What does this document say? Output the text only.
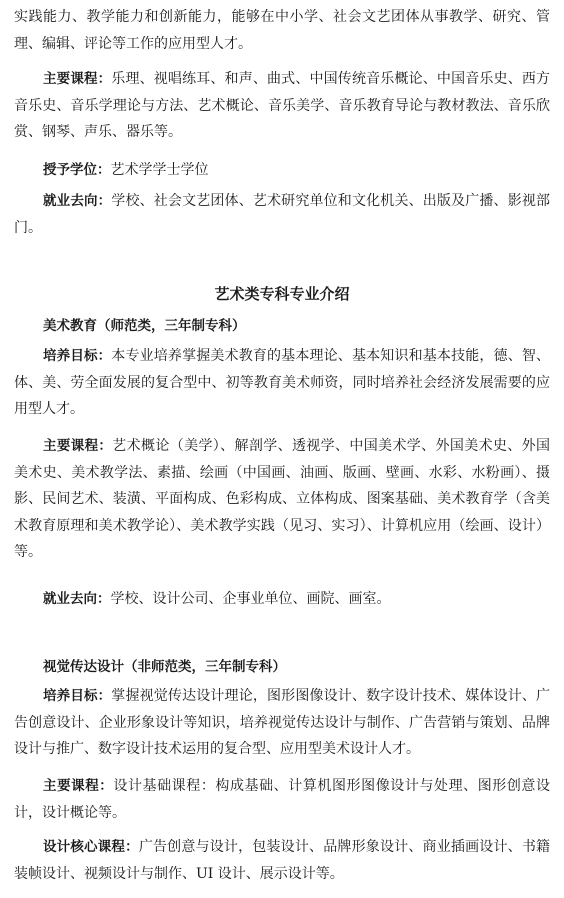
实践能力、教学能力和创新能力，能够在中小学、社会文艺团体从事教学、研究、管理、编辑、评论等工作的应用型人才。

主要课程：乐理、视唱练耳、和声、曲式、中国传统音乐概论、中国音乐史、西方音乐史、音乐学理论与方法、艺术概论、音乐美学、音乐教育导论与教材教法、音乐欣赏、钢琴、声乐、器乐等。

授予学位：艺术学学士学位

就业去向：学校、社会文艺团体、艺术研究单位和文化机关、出版及广播、影视部门。

艺术类专科专业介绍
美术教育（师范类，三年制专科）

培养目标：本专业培养掌握美术教育的基本理论、基本知识和基本技能，德、智、体、美、劳全面发展的复合型中、初等教育美术师资，同时培养社会经济发展需要的应用型人才。

主要课程：艺术概论（美学）、解剖学、透视学、中国美术学、外国美术史、外国美术史、美术教学法、素描、绘画（中国画、油画、版画、壁画、水彩、水粉画）、摄影、民间艺术、装潢、平面构成、色彩构成、立体构成、图案基础、美术教育学（含美术教育原理和美术教学论）、美术教学实践（见习、实习）、计算机应用（绘画、设计）等。

就业去向：学校、设计公司、企事业单位、画院、画室。

视觉传达设计（非师范类，三年制专科）

培养目标：掌握视觉传达设计理论，图形图像设计、数字设计技术、媒体设计、广告创意设计、企业形象设计等知识，培养视觉传达设计与制作、广告营销与策划、品牌设计与推广、数字设计技术运用的复合型、应用型美术设计人才。

主要课程：设计基础课程：构成基础、计算机图形图像设计与处理、图形创意设计，设计概论等。

设计核心课程：广告创意与设计，包装设计、品牌形象设计、商业插画设计、书籍装帧设计、视频设计与制作、UI 设计、展示设计等。
